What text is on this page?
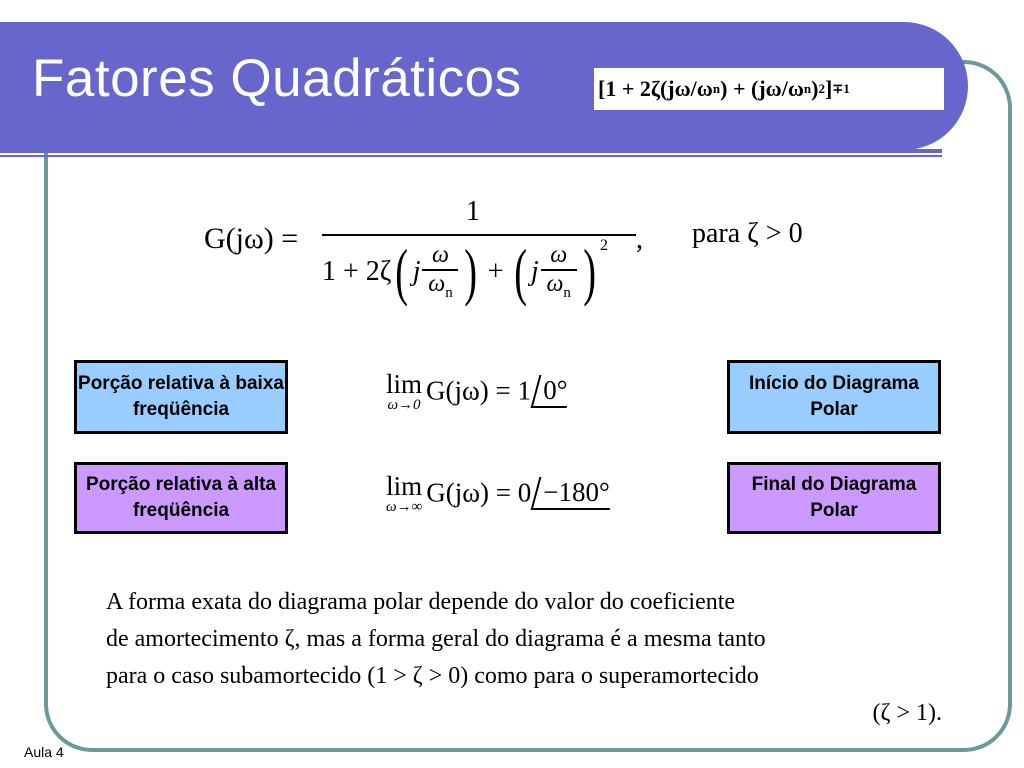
Fatores Quadráticos	[1 + 2ζ(jω/ω n ) + (jω/ω n ) 2 ] ∓1
G(jω) =
1
1 + 2ζ ( j $\frac{\omega}{\omega_n}$ ) + ( j $\frac{\omega}{\omega_n}$ ) $^2$ , para ζ > 0
Porção relativa à baixa freqüência
Porção relativa à alta freqüência
Início do Diagrama Polar
Final do Diagrama Polar
lim
ω→0 G(jω) = 1 0°
lim
ω→∞ G(jω) = 0 −180°
A forma exata do diagrama polar depende do valor do coeficiente
de amortecimento ζ, mas a forma geral do diagrama é a mesma tanto
para o caso subamortecido (1 > ζ > 0) como para o superamortecido
(ζ > 1).
Aula 4
